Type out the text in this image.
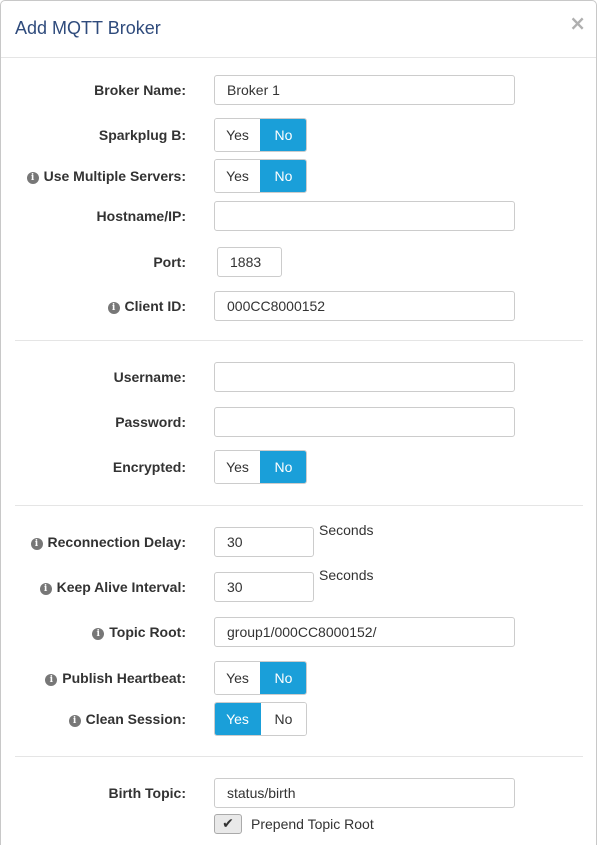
Add MQTT Broker	×
Broker Name:	Broker 1
Sparkplug B:	Yes	No
i Use Multiple Servers:	Yes	No
Hostname/IP:
Port:	1883
i Client ID:	000CC8000152
Username:
Password:
Encrypted:	Yes	No
i Reconnection Delay:	30
Seconds
i Keep Alive Interval:	30
Seconds
i Topic Root:	group1/000CC8000152/
i Publish Heartbeat:	Yes	No
i Clean Session:	Yes	No
Birth Topic:	status/birth
✔ Prepend Topic Root
